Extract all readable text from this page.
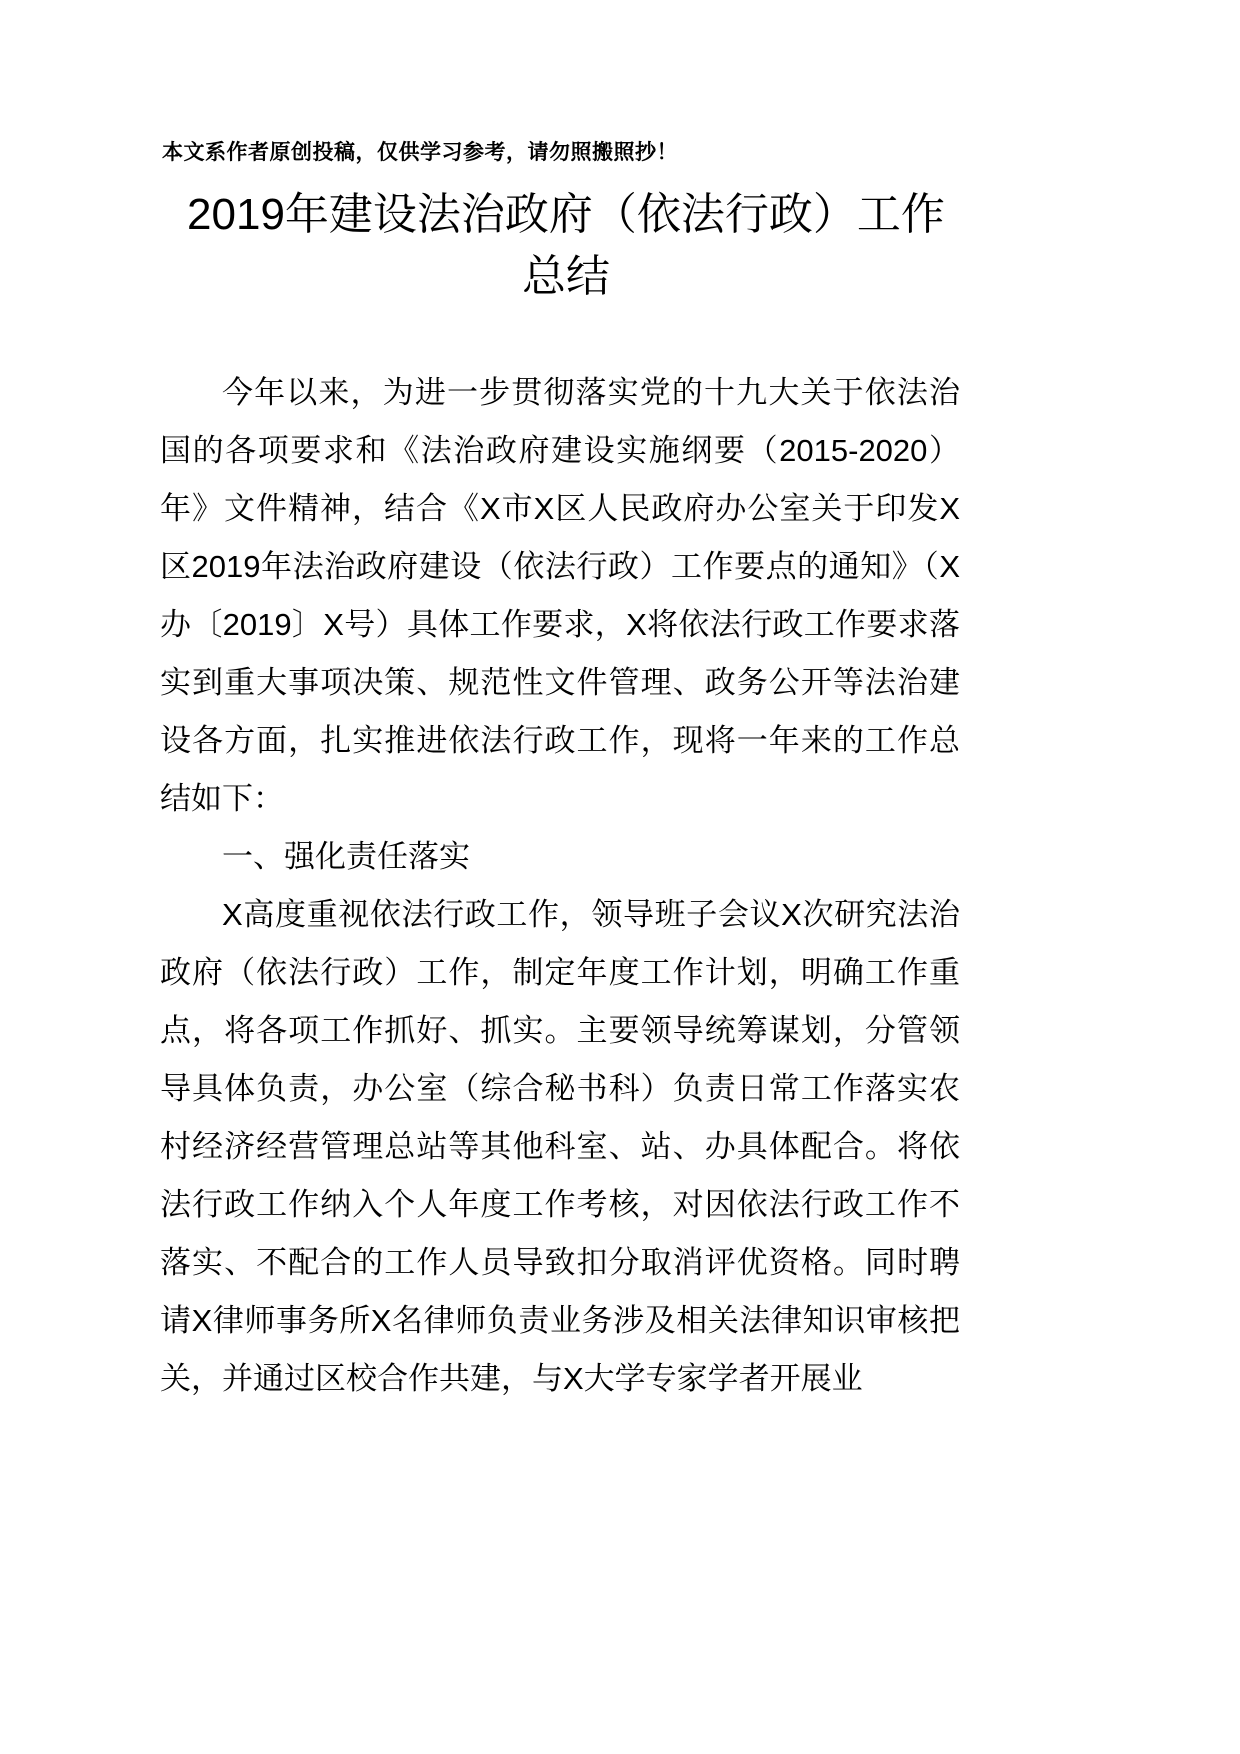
本文系作者原创投稿，仅供学习参考，请勿照搬照抄！
2019年建设法治政府（依法行政）工作总结

今年以来，为进一步贯彻落实党的十九大关于依法治国的各项要求和《法治政府建设实施纲要（2015-2020）年》文件精神，结合《X市X区人民政府办公室关于印发X区2019年法治政府建设（依法行政）工作要点的通知》（X办〔2019〕X号）具体工作要求，X将依法行政工作要求落实到重大事项决策、规范性文件管理、政务公开等法治建设各方面，扎实推进依法行政工作，现将一年来的工作总结如下：

一、强化责任落实

X高度重视依法行政工作，领导班子会议X次研究法治政府（依法行政）工作，制定年度工作计划，明确工作重点，将各项工作抓好、抓实。主要领导统筹谋划，分管领导具体负责，办公室（综合秘书科）负责日常工作落实农村经济经营管理总站等其他科室、站、办具体配合。将依法行政工作纳入个人年度工作考核，对因依法行政工作不落实、不配合的工作人员导致扣分取消评优资格。同时聘请X律师事务所X名律师负责业务涉及相关法律知识审核把关，并通过区校合作共建，与X大学专家学者开展业
